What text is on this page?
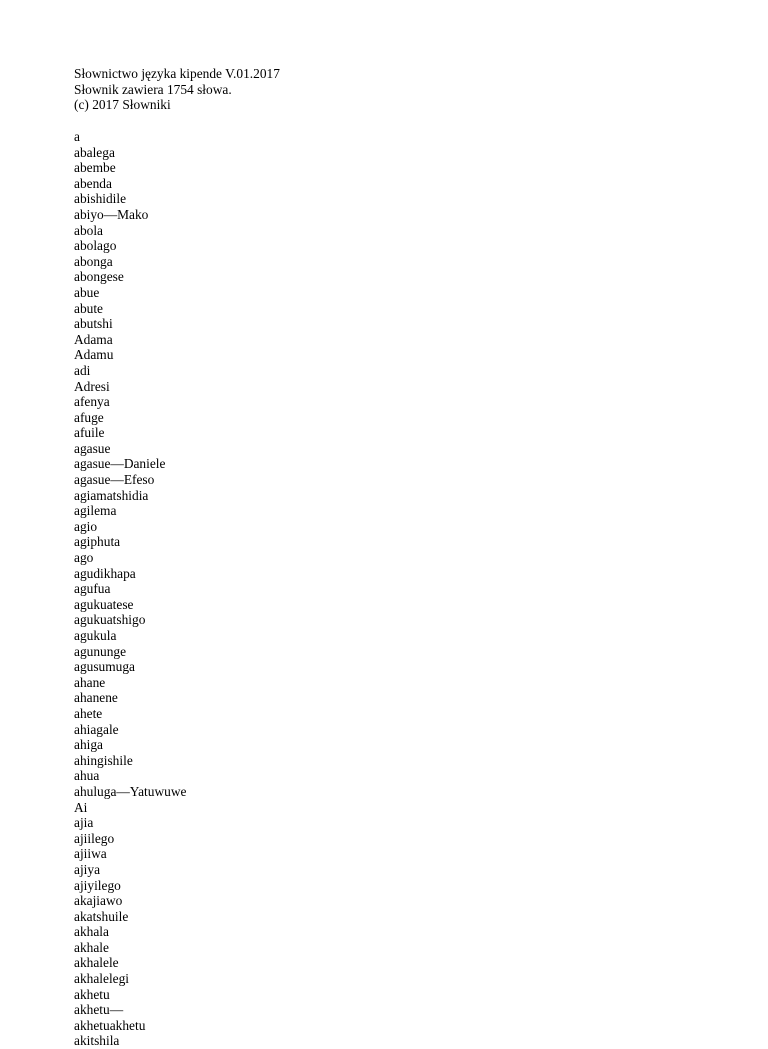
Słownictwo języka kipende V.01.2017
Słownik zawiera 1754 słowa.
(c) 2017 Słowniki
a
abalega
abembe
abenda
abishidile
abiyo—Mako
abola
abolago
abonga
abongese
abue
abute
abutshi
Adama
Adamu
adi
Adresi
afenya
afuge
afuile
agasue
agasue—Daniele
agasue—Efeso
agiamatshidia
agilema
agio
agiphuta
ago
agudikhapa
agufua
agukuatese
agukuatshigo
agukula
agunungе
agusumuga
ahane
ahanene
ahete
ahiagale
ahiga
ahingishile
ahua
ahuluga—Yatuwuwe
Ai
ajia
ajiilego
ajiiwa
ajiya
ajiyilego
akajiawo
akatshuile
akhala
akhale
akhalele
akhalelegi
akhetu
akhetu—
akhetuakhetu
akitshila
